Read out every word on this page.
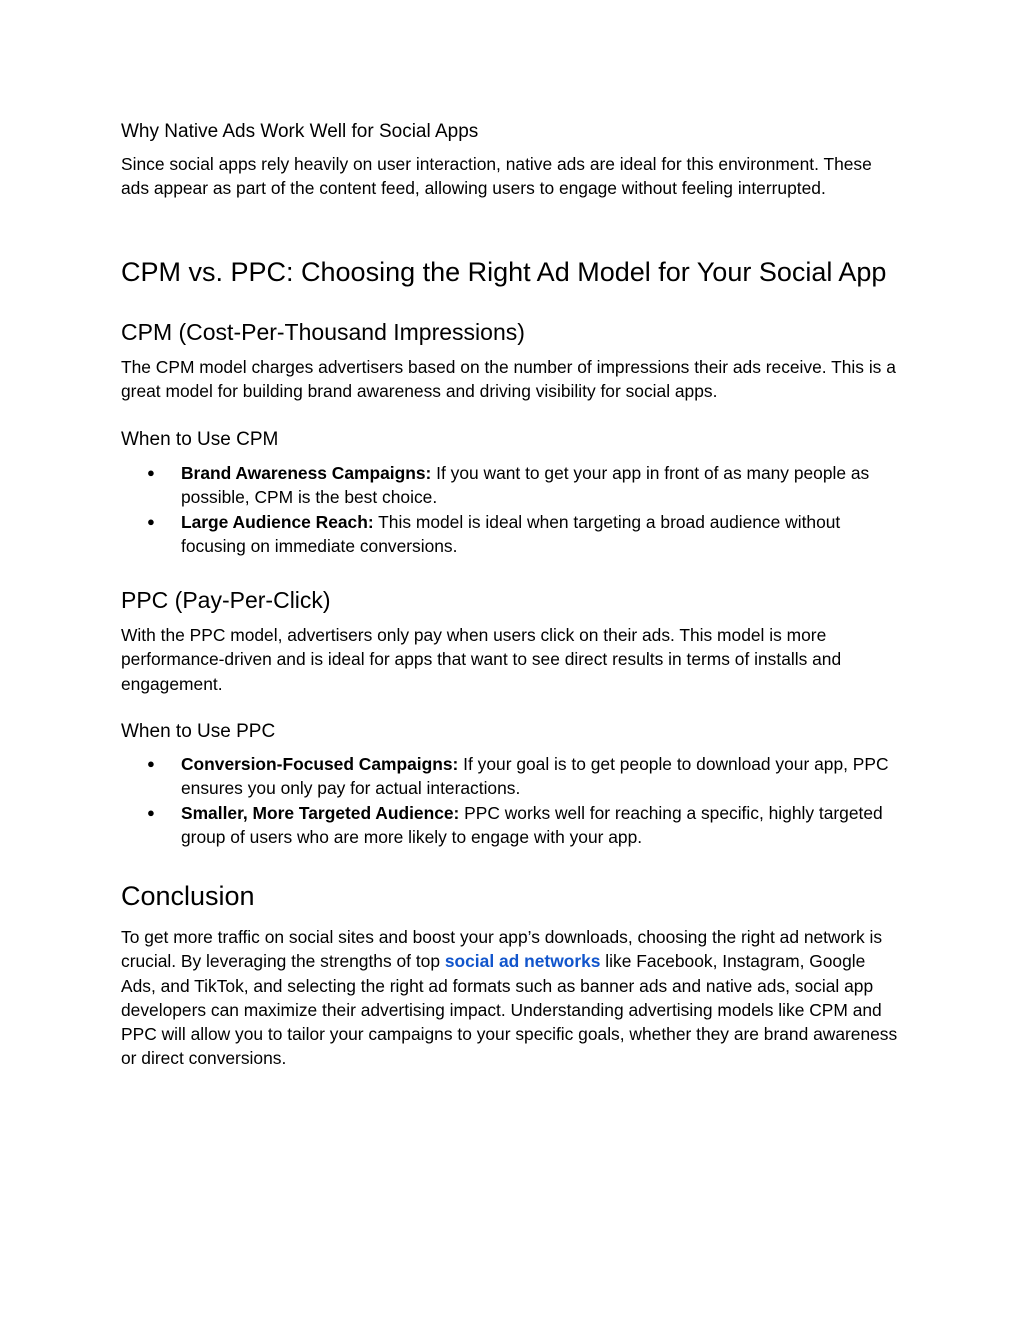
Why Native Ads Work Well for Social Apps

Since social apps rely heavily on user interaction, native ads are ideal for this environment. These ads appear as part of the content feed, allowing users to engage without feeling interrupted.

CPM vs. PPC: Choosing the Right Ad Model for Your Social App
CPM (Cost-Per-Thousand Impressions)

The CPM model charges advertisers based on the number of impressions their ads receive. This is a great model for building brand awareness and driving visibility for social apps.

When to Use CPM
● Brand Awareness Campaigns: If you want to get your app in front of as many people as possible, CPM is the best choice.
● Large Audience Reach: This model is ideal when targeting a broad audience without focusing on immediate conversions.
PPC (Pay-Per-Click)

With the PPC model, advertisers only pay when users click on their ads. This model is more performance-driven and is ideal for apps that want to see direct results in terms of installs and engagement.

When to Use PPC
● Conversion-Focused Campaigns: If your goal is to get people to download your app, PPC ensures you only pay for actual interactions.
● Smaller, More Targeted Audience: PPC works well for reaching a specific, highly targeted group of users who are more likely to engage with your app.
Conclusion

To get more traffic on social sites and boost your app’s downloads, choosing the right ad network is crucial. By leveraging the strengths of top social ad networks like Facebook, Instagram, Google Ads, and TikTok, and selecting the right ad formats such as banner ads and native ads, social app developers can maximize their advertising impact. Understanding advertising models like CPM and PPC will allow you to tailor your campaigns to your specific goals, whether they are brand awareness or direct conversions.
